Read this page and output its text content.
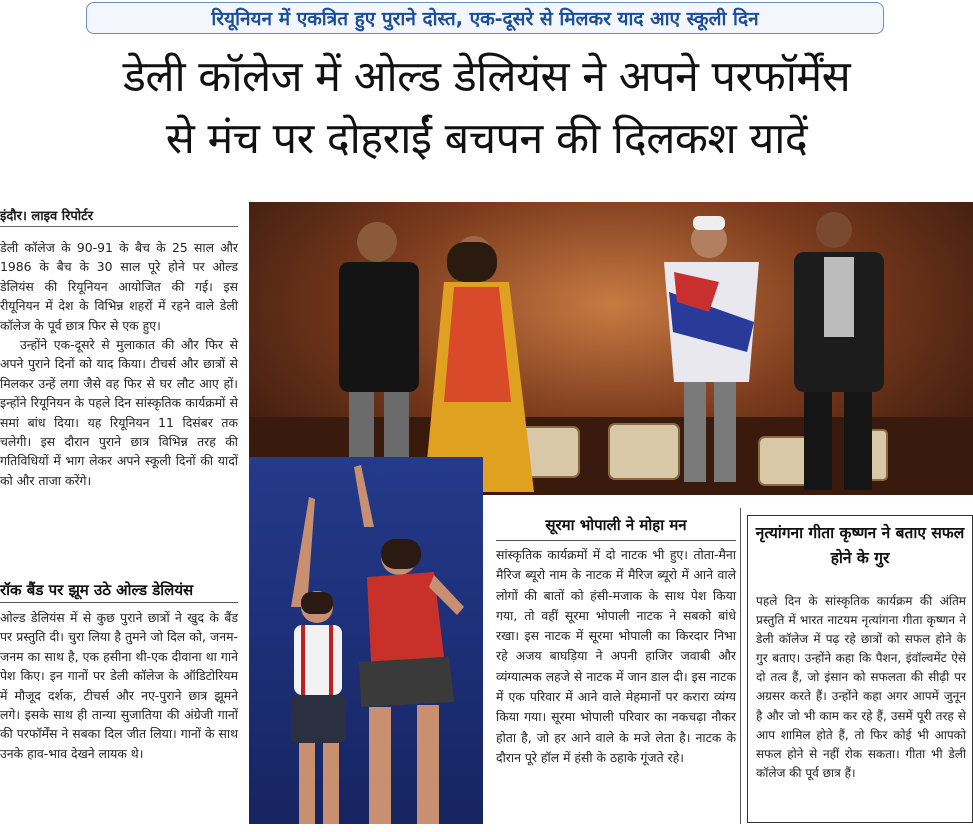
रियूनियन में एकत्रित हुए पुराने दोस्त, एक-दूसरे से मिलकर याद आए स्कूली दिन
डेली कॉलेज में ओल्ड डेलियंस ने अपने परफॉर्मेंस
से मंच पर दोहराईं बचपन की दिलकश यादें
इंदौर। लाइव रिपोर्टर

डेली कॉलेज के 90-91 के बैच के 25 साल और 1986 के बैच के 30 साल पूरे होने पर ओल्ड डेलियंस की रियूनियन आयोजित की गई। इस रीयूनियन में देश के विभिन्न शहरों में रहने वाले डेली कॉलेज के पूर्व छात्र फिर से एक हुए।

उन्होंने एक-दूसरे से मुलाकात की और फिर से अपने पुराने दिनों को याद किया। टीचर्स और छात्रों से मिलकर उन्हें लगा जैसे वह फिर से घर लौट आए हों। इन्होंने रियूनियन के पहले दिन सांस्कृतिक कार्यक्रमों से समां बांध दिया। यह रियूनियन 11 दिसंबर तक चलेगी। इस दौरान पुराने छात्र विभिन्न तरह की गतिविधियों में भाग लेकर अपने स्कूली दिनों की यादों को और ताजा करेंगे।

रॉक बैंड पर झूम उठे ओल्ड डेलियंस

ओल्ड डेलियंस में से कुछ पुराने छात्रों ने खुद के बैंड पर प्रस्तुति दी। चुरा लिया है तुमने जो दिल को, जनम-जनम का साथ है, एक हसीना थी-एक दीवाना था गाने पेश किए। इन गानों पर डेली कॉलेज के ऑडिटोरियम में मौजूद दर्शक, टीचर्स और नए-पुराने छात्र झूमने लगे। इसके साथ ही तान्या सुजातिया की अंग्रेजी गानों की परफॉर्मेंस ने सबका दिल जीत लिया। गानों के साथ उनके हाव-भाव देखने लायक थे।

सूरमा भोपाली ने मोहा मन

सांस्कृतिक कार्यक्रमों में दो नाटक भी हुए। तोता-मैना मैरिज ब्यूरो नाम के नाटक में मैरिज ब्यूरो में आने वाले लोगों की बातों को हंसी-मजाक के साथ पेश किया गया, तो वहीं सूरमा भोपाली नाटक ने सबको बांधे रखा। इस नाटक में सूरमा भोपाली का किरदार निभा रहे अजय बाघड़िया ने अपनी हाजिर जवाबी और व्यंग्यात्मक लहजे से नाटक में जान डाल दी। इस नाटक में एक परिवार में आने वाले मेहमानों पर करारा व्यंग्य किया गया। सूरमा भोपाली परिवार का नकचढ़ा नौकर होता है, जो हर आने वाले के मजे लेता है। नाटक के दौरान पूरे हॉल में हंसी के ठहाके गूंजते रहे।

नृत्यांगना गीता कृष्णन ने बताए सफल होने के गुर

पहले दिन के सांस्कृतिक कार्यक्रम की अंतिम प्रस्तुति में भारत नाटयम नृत्यांगना गीता कृष्णन ने डेली कॉलेज में पढ़ रहे छात्रों को सफल होने के गुर बताए। उन्होंने कहा कि पैशन, इंवॉल्वमेंट ऐसे दो तत्व हैं, जो इंसान को सफलता की सीढ़ी पर अग्रसर करते हैं। उन्होंने कहा अगर आपमें जुनून है और जो भी काम कर रहे हैं, उसमें पूरी तरह से आप शामिल होते हैं, तो फिर कोई भी आपको सफल होने से नहीं रोक सकता। गीता भी डेली कॉलेज की पूर्व छात्र हैं।
